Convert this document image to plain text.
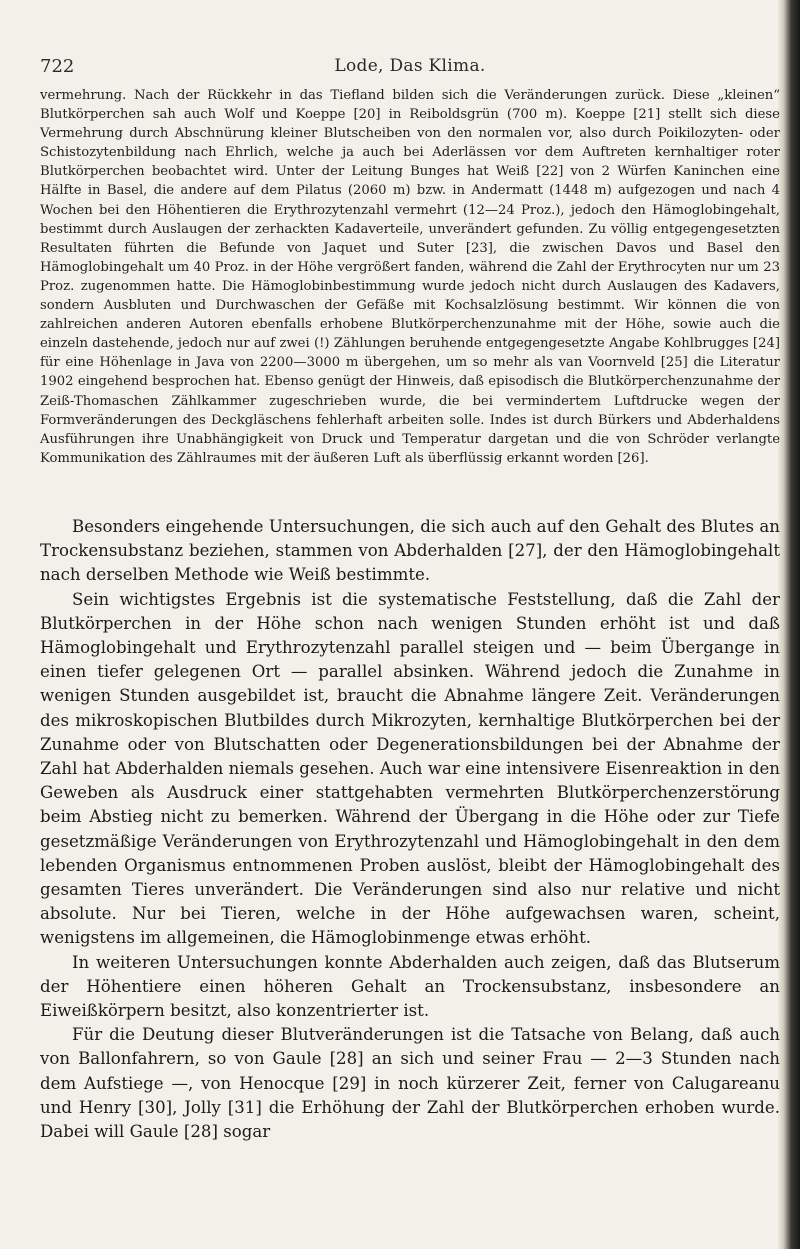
722	Lode, Das Klima.

vermehrung. Nach der Rückkehr in das Tiefland bilden sich die Veränderungen zurück. Diese „kleinen“ Blutkörperchen sah auch Wolf und Koeppe [20] in Reiboldsgrün (700 m). Koeppe [21] stellt sich diese Vermehrung durch Abschnürung kleiner Blutscheiben von den normalen vor, also durch Poikilozyten- oder Schistozytenbildung nach Ehrlich, welche ja auch bei Aderlässen vor dem Auftreten kernhaltiger roter Blutkörperchen beobachtet wird. Unter der Leitung Bunges hat Weiß [22] von 2 Würfen Kaninchen eine Hälfte in Basel, die andere auf dem Pilatus (2060 m) bzw. in Andermatt (1448 m) aufgezogen und nach 4 Wochen bei den Höhentieren die Erythrozytenzahl vermehrt (12—24 Proz.), jedoch den Hämoglobingehalt, bestimmt durch Auslaugen der zerhackten Kadaverteile, unverändert gefunden. Zu völlig entgegengesetzten Resultaten führten die Befunde von Jaquet und Suter [23], die zwischen Davos und Basel den Hämoglobingehalt um 40 Proz. in der Höhe vergrößert fanden, während die Zahl der Erythrocyten nur um 23 Proz. zugenommen hatte. Die Hämoglobinbestimmung wurde jedoch nicht durch Auslaugen des Kadavers, sondern Ausbluten und Durchwaschen der Gefäße mit Kochsalzlösung bestimmt. Wir können die von zahlreichen anderen Autoren ebenfalls erhobene Blutkörperchenzunahme mit der Höhe, sowie auch die einzeln dastehende, jedoch nur auf zwei (!) Zählungen beruhende entgegengesetzte Angabe Kohlbrugges [24] für eine Höhenlage in Java von 2200—3000 m übergehen, um so mehr als van Voornveld [25] die Literatur 1902 eingehend besprochen hat. Ebenso genügt der Hinweis, daß episodisch die Blutkörperchenzunahme der Zeiß-Thomaschen Zählkammer zugeschrieben wurde, die bei vermindertem Luftdrucke wegen der Formveränderungen des Deckgläschens fehlerhaft arbeiten solle. Indes ist durch Bürkers und Abderhaldens Ausführungen ihre Unabhängigkeit von Druck und Temperatur dargetan und die von Schröder verlangte Kommunikation des Zählraumes mit der äußeren Luft als überflüssig erkannt worden [26].

Besonders eingehende Untersuchungen, die sich auch auf den Gehalt des Blutes an Trockensubstanz beziehen, stammen von Abderhalden [27], der den Hämoglobingehalt nach derselben Methode wie Weiß bestimmte.

Sein wichtigstes Ergebnis ist die systematische Feststellung, daß die Zahl der Blutkörperchen in der Höhe schon nach wenigen Stunden erhöht ist und daß Hämoglobingehalt und Erythrozytenzahl parallel steigen und — beim Übergange in einen tiefer gelegenen Ort — parallel absinken. Während jedoch die Zunahme in wenigen Stunden ausgebildet ist, braucht die Abnahme längere Zeit. Veränderungen des mikroskopischen Blutbildes durch Mikrozyten, kernhaltige Blutkörperchen bei der Zunahme oder von Blutschatten oder Degenerationsbildungen bei der Abnahme der Zahl hat Abderhalden niemals gesehen. Auch war eine intensivere Eisenreaktion in den Geweben als Ausdruck einer stattgehabten vermehrten Blutkörperchenzerstörung beim Abstieg nicht zu bemerken. Während der Übergang in die Höhe oder zur Tiefe gesetzmäßige Veränderungen von Erythrozytenzahl und Hämoglobingehalt in den dem lebenden Organismus entnommenen Proben auslöst, bleibt der Hämoglobingehalt des gesamten Tieres unverändert. Die Veränderungen sind also nur relative und nicht absolute. Nur bei Tieren, welche in der Höhe aufgewachsen waren, scheint, wenigstens im allgemeinen, die Hämoglobinmenge etwas erhöht.

In weiteren Untersuchungen konnte Abderhalden auch zeigen, daß das Blutserum der Höhentiere einen höheren Gehalt an Trockensubstanz, insbesondere an Eiweißkörpern besitzt, also konzentrierter ist.

Für die Deutung dieser Blutveränderungen ist die Tatsache von Belang, daß auch von Ballonfahrern, so von Gaule [28] an sich und seiner Frau — 2—3 Stunden nach dem Aufstiege —, von Henocque [29] in noch kürzerer Zeit, ferner von Calugareanu und Henry [30], Jolly [31] die Erhöhung der Zahl der Blutkörperchen erhoben wurde. Dabei will Gaule [28] sogar
